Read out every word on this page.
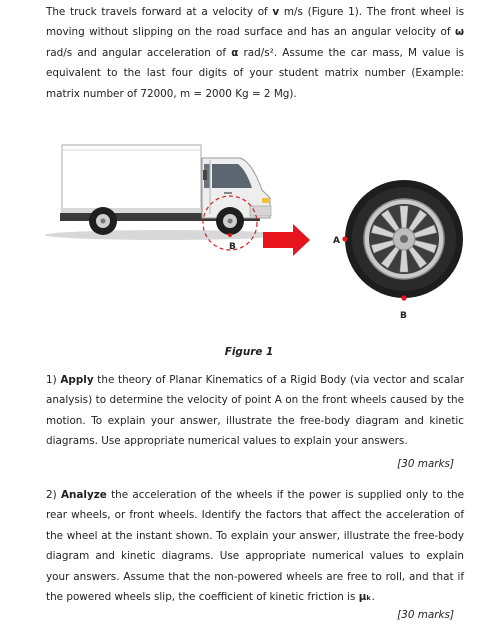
The truck travels forward at a velocity of v m/s (Figure 1). The front wheel is moving without slipping on the road surface and has an angular velocity of ω rad/s and angular acceleration of α rad/s². Assume the car mass, M value is equivalent to the last four digits of your student matrix number (Example: matrix number of 72000, m = 2000 Kg = 2 Mg).

B
A
B
Figure 1

1) Apply the theory of Planar Kinematics of a Rigid Body (via vector and scalar analysis) to determine the velocity of point A on the front wheels caused by the motion. To explain your answer, illustrate the free-body diagram and kinetic diagrams. Use appropriate numerical values to explain your answers.

[30 marks]

2) Analyze the acceleration of the wheels if the power is supplied only to the rear wheels, or front wheels. Identify the factors that affect the acceleration of the wheel at the instant shown. To explain your answer, illustrate the free-body diagram and kinetic diagrams. Use appropriate numerical values to explain your answers. Assume that the non-powered wheels are free to roll, and that if the powered wheels slip, the coefficient of kinetic friction is μₖ.

[30 marks]
